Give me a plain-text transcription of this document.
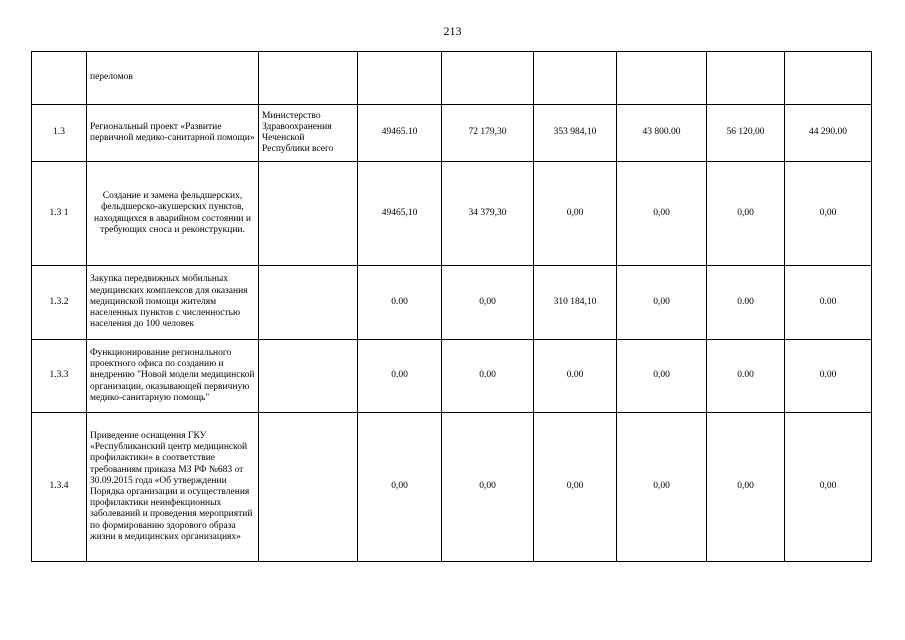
213
	переломов							
1.3	Региональный проект «Развитие первичной медико-санитарной помощи»	Министерство Здравоохранения Чеченской Республики всего	49465.10	72 179,30	353 984,10	43 800.00	56 120,00	44 290.00
1.3 1	Создание и замена фельдшерских, фельдшерско-акушерских пунктов, находящихся в аварийном состоянии и требующих сноса и реконструкции.		49465,10	34 379,30	0,00	0,00	0,00	0,00
1.3.2	Закупка передвижных мобильных медицинских комплексов для оказания медицинской помощи жителям населенных пунктов с численностью населения до 100 человек		0.00	0,00	310 184,10	0,00	0.00	0.00
1.3.3	Функционирование регионального проектного офиса по созданию и внедрению "Новой модели медицинской организации, оказывающей первичную медико-санитарную помощь"		0.00	0.00	0.00	0,00	0.00	0.00
1.3.4	Приведение оснащения ГКУ «Республиканский центр медицинской профилактики» в соответствие требованиям приказа МЗ РФ №683 от 30.09.2015 года «Об утверждении Порядка организации и осуществления профилактики неинфекционных заболеваний и проведения мероприятий по формированию здорового образа жизни в медицинских организациях»		0,00	0,00	0,00	0,00	0,00	0,00
